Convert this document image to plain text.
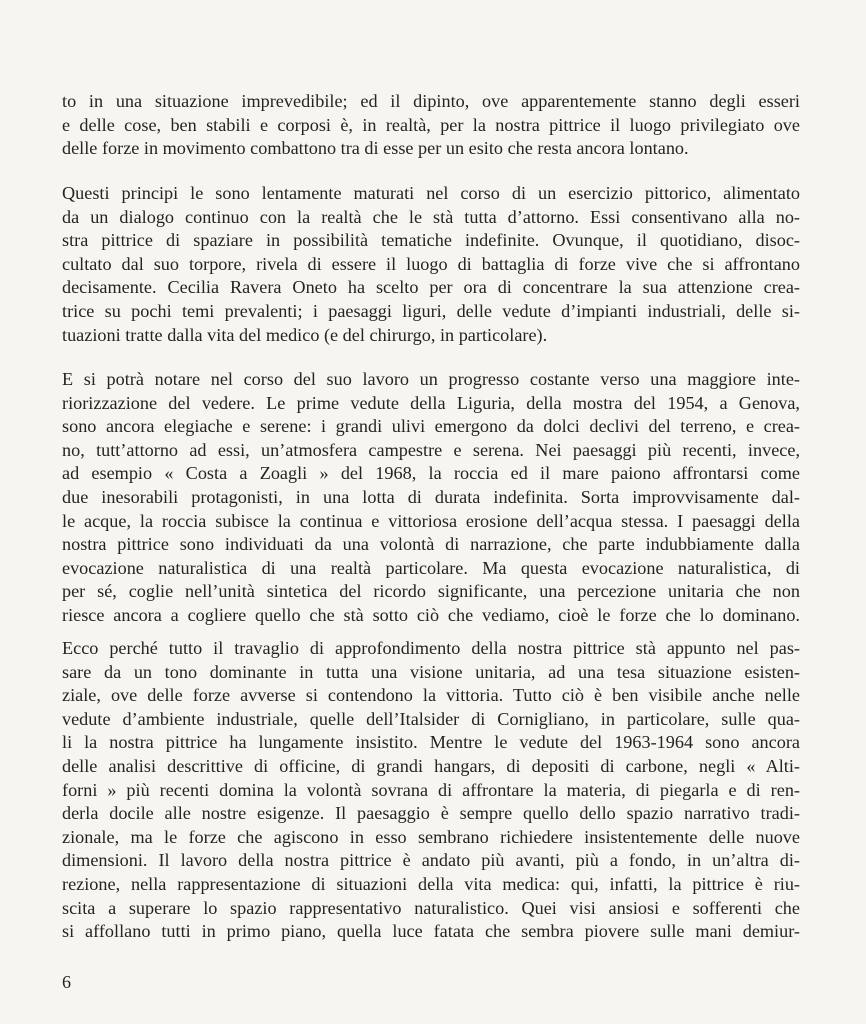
to in una situazione imprevedibile; ed il dipinto, ove apparentemente stanno degli esseri
e delle cose, ben stabili e corposi è, in realtà, per la nostra pittrice il luogo privilegiato ove
delle forze in movimento combattono tra di esse per un esito che resta ancora lontano.
Questi principi le sono lentamente maturati nel corso di un esercizio pittorico, alimentato
da un dialogo continuo con la realtà che le stà tutta d’attorno. Essi consentivano alla no-
stra pittrice di spaziare in possibilità tematiche indefinite. Ovunque, il quotidiano, disoc-
cultato dal suo torpore, rivela di essere il luogo di battaglia di forze vive che si affrontano
decisamente. Cecilia Ravera Oneto ha scelto per ora di concentrare la sua attenzione crea-
trice su pochi temi prevalenti; i paesaggi liguri, delle vedute d’impianti industriali, delle si-
tuazioni tratte dalla vita del medico (e del chirurgo, in particolare).
E si potrà notare nel corso del suo lavoro un progresso costante verso una maggiore inte-
riorizzazione del vedere. Le prime vedute della Liguria, della mostra del 1954, a Genova,
sono ancora elegiache e serene: i grandi ulivi emergono da dolci declivi del terreno, e crea-
no, tutt’attorno ad essi, un’atmosfera campestre e serena. Nei paesaggi più recenti, invece,
ad esempio « Costa a Zoagli » del 1968, la roccia ed il mare paiono affrontarsi come
due inesorabili protagonisti, in una lotta di durata indefinita. Sorta improvvisamente dal-
le acque, la roccia subisce la continua e vittoriosa erosione dell’acqua stessa. I paesaggi della
nostra pittrice sono individuati da una volontà di narrazione, che parte indubbiamente dalla
evocazione naturalistica di una realtà particolare. Ma questa evocazione naturalistica, di
per sé, coglie nell’unità sintetica del ricordo significante, una percezione unitaria che non
riesce ancora a cogliere quello che stà sotto ciò che vediamo, cioè le forze che lo dominano.
Ecco perché tutto il travaglio di approfondimento della nostra pittrice stà appunto nel pas-
sare da un tono dominante in tutta una visione unitaria, ad una tesa situazione esisten-
ziale, ove delle forze avverse si contendono la vittoria. Tutto ciò è ben visibile anche nelle
vedute d’ambiente industriale, quelle dell’Italsider di Cornigliano, in particolare, sulle qua-
li la nostra pittrice ha lungamente insistito. Mentre le vedute del 1963-1964 sono ancora
delle analisi descrittive di officine, di grandi hangars, di depositi di carbone, negli « Alti-
forni » più recenti domina la volontà sovrana di affrontare la materia, di piegarla e di ren-
derla docile alle nostre esigenze. Il paesaggio è sempre quello dello spazio narrativo tradi-
zionale, ma le forze che agiscono in esso sembrano richiedere insistentemente delle nuove
dimensioni. Il lavoro della nostra pittrice è andato più avanti, più a fondo, in un’altra di-
rezione, nella rappresentazione di situazioni della vita medica: qui, infatti, la pittrice è riu-
scita a superare lo spazio rappresentativo naturalistico. Quei visi ansiosi e sofferenti che
si affollano tutti in primo piano, quella luce fatata che sembra piovere sulle mani demiur-
6
